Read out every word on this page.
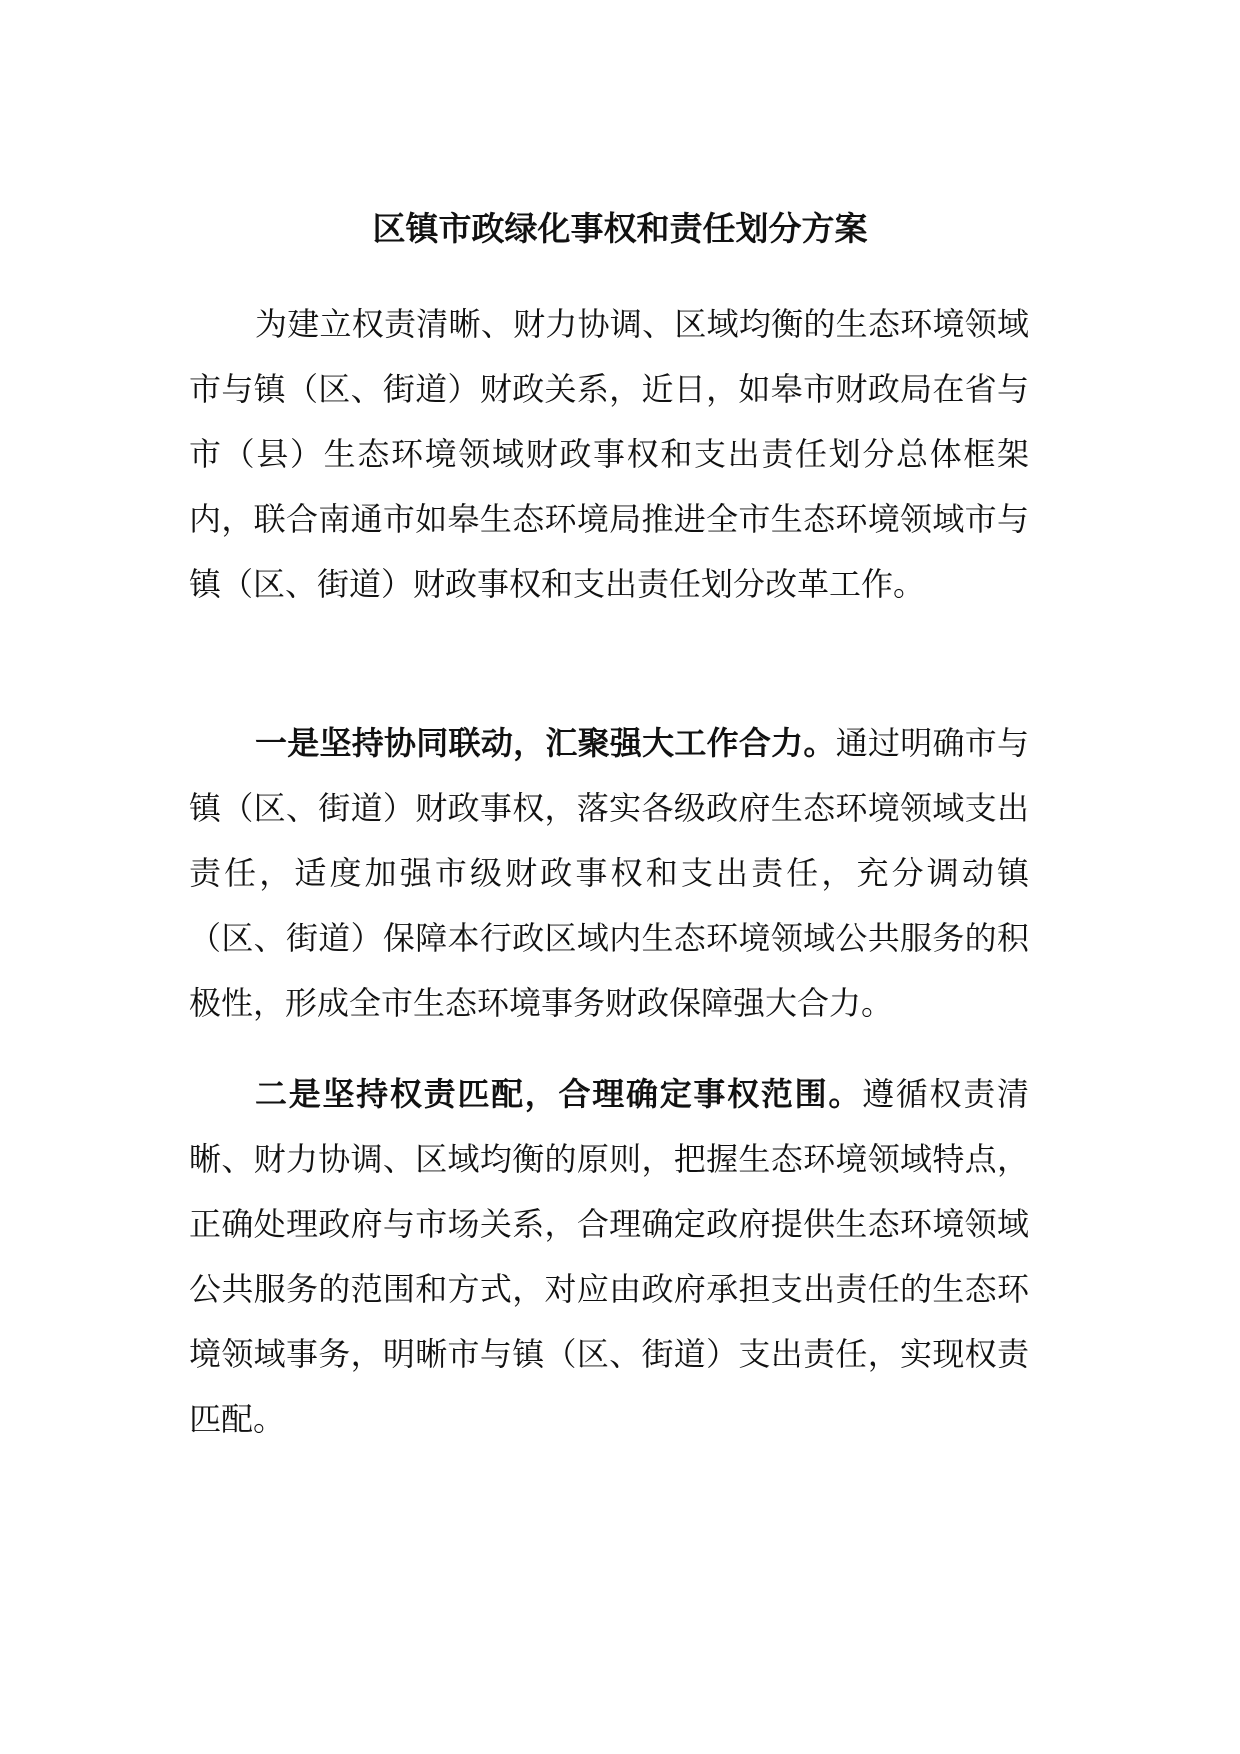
区镇市政绿化事权和责任划分方案

为建立权责清晰、财力协调、区域均衡的生态环境领域市与镇（区、街道）财政关系，近日，如皋市财政局在省与市（县）生态环境领域财政事权和支出责任划分总体框架内，联合南通市如皋生态环境局推进全市生态环境领域市与镇（区、街道）财政事权和支出责任划分改革工作。

一是坚持协同联动，汇聚强大工作合力。通过明确市与镇（区、街道）财政事权，落实各级政府生态环境领域支出责任，适度加强市级财政事权和支出责任，充分调动镇（区、街道）保障本行政区域内生态环境领域公共服务的积极性，形成全市生态环境事务财政保障强大合力。

二是坚持权责匹配，合理确定事权范围。遵循权责清晰、财力协调、区域均衡的原则，把握生态环境领域特点，正确处理政府与市场关系，合理确定政府提供生态环境领域公共服务的范围和方式，对应由政府承担支出责任的生态环境领域事务，明晰市与镇（区、街道）支出责任，实现权责匹配。
